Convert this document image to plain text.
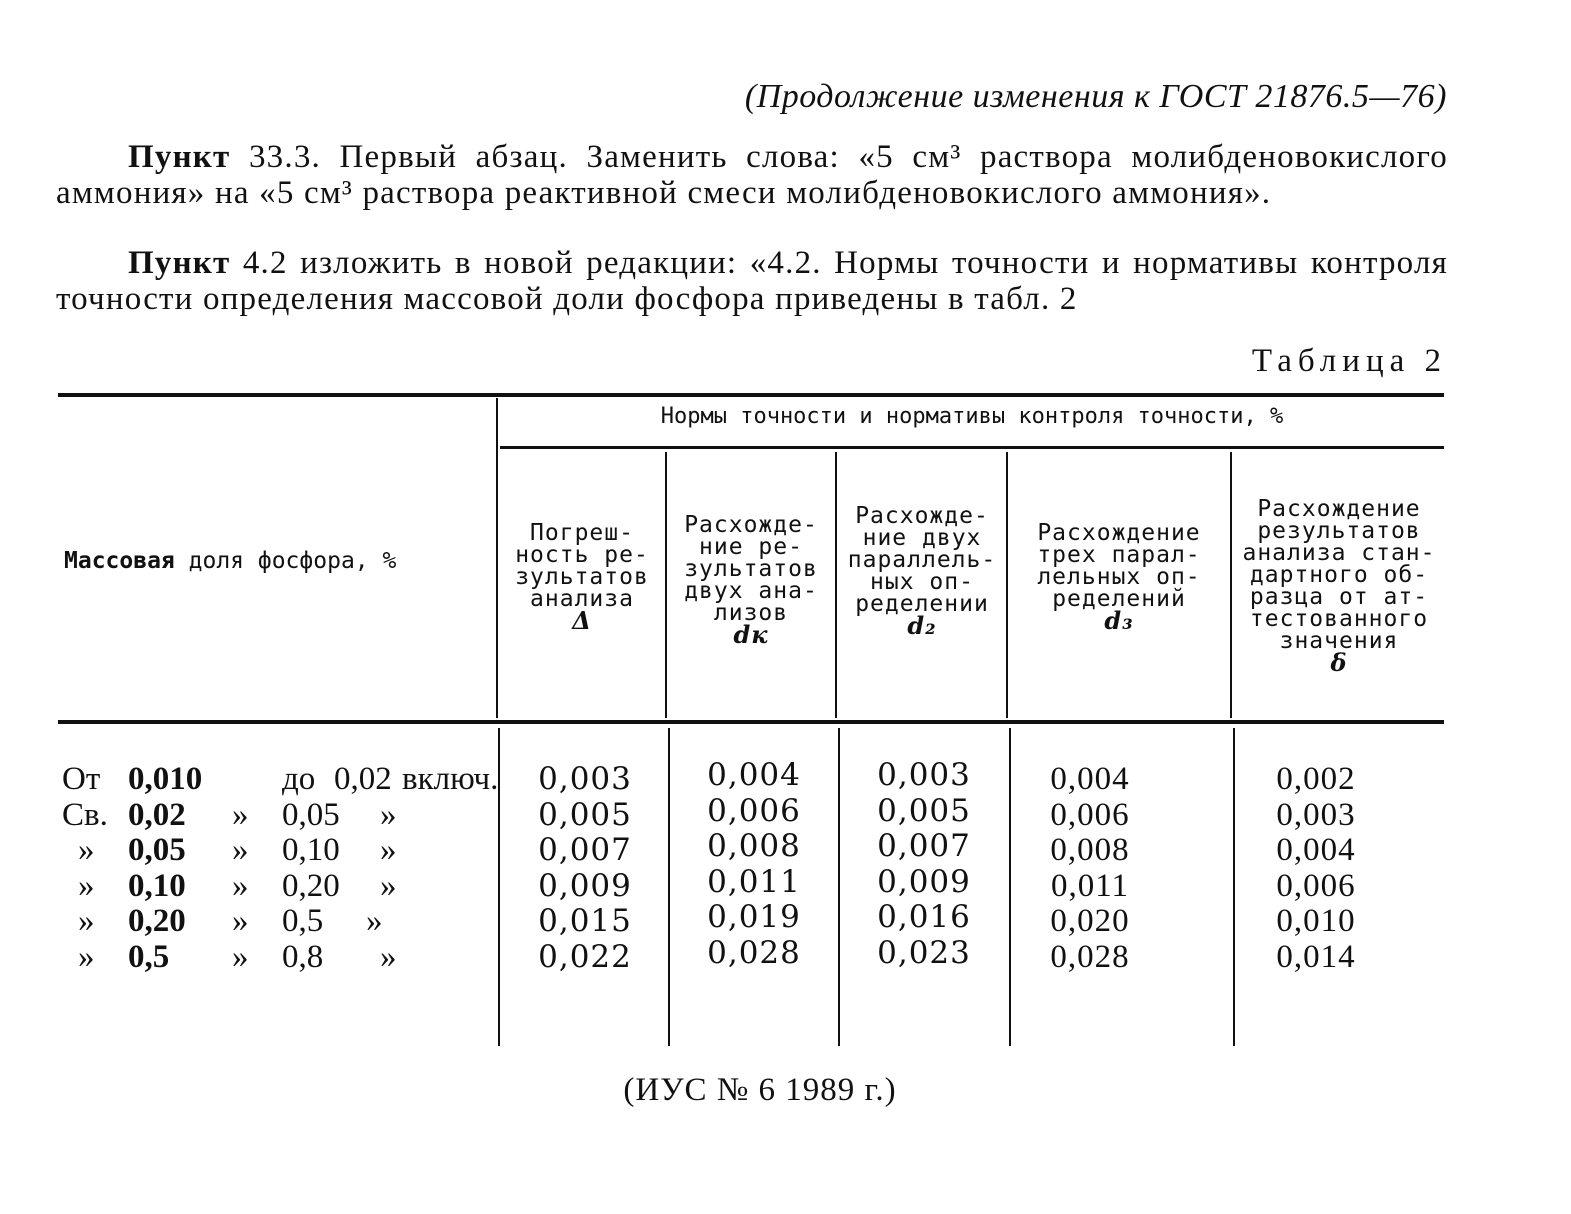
(Продолжение изменения к ГОСТ 21876.5—76)
Пункт 33.3. Первый абзац. Заменить слова: «5 см³ раствора молибденовокислого аммония» на «5 см³ раствора реактивной смеси молибденовокислого аммония».
Пункт 4.2 изложить в новой редакции: «4.2. Нормы точности и нормативы контроля точности определения массовой доли фосфора приведены в табл. 2
Таблица 2
Массовая доля фосфора, %
Нормы точности и нормативы контроля точности, %
Погреш-
ность ре-
зультатов
анализа
Δ
Расхожде-
ние ре-
зультатов
двух ана-
лизов
dк
Расхожде-
ние двух
параллель-
ных оп-
ределении
d₂
Расхождение
трех парал-
лельных оп-
ределений
d₃
Расхождение
результатов
анализа стан-
дартного об-
разца от ат-
тестованного
значения
δ
От 0,010 до 0,02 включ.
Св. 0,02 » 0,05 »
» 0,05 » 0,10 »
» 0,10 » 0,20 »
» 0,20 » 0,5 »
» 0,5 » 0,8 »
0,003
0,005
0,007
0,009
0,015
0,022
0,004
0,006
0,008
0,011
0,019
0,028
0,003
0,005
0,007
0,009
0,016
0,023
0,004
0,006
0,008
0,011
0,020
0,028
0,002
0,003
0,004
0,006
0,010
0,014
(ИУС № 6 1989 г.)
